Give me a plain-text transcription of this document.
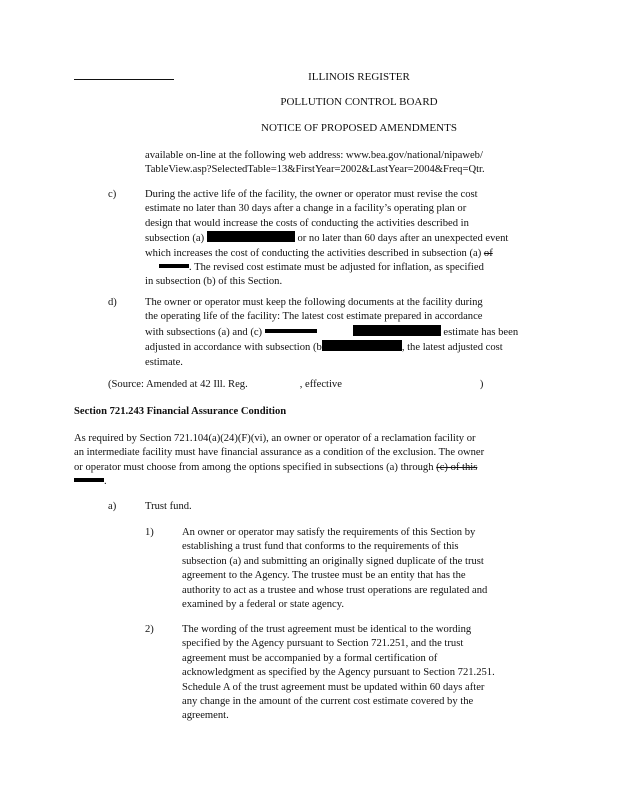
ILLINOIS REGISTER
POLLUTION CONTROL BOARD
NOTICE OF PROPOSED AMENDMENTS
available on-line at the following web address: www.bea.gov/national/nipaweb/
TableView.asp?SelectedTable=13&FirstYear=2002&LastYear=2004&Freq=Qtr.
c)	During the active life of the facility, the owner or operator must revise the cost
estimate no later than 30 days after a change in a facility’s operating plan or
design that would increase the costs of conducting the activities described in
subsection (a)	or no later than 60 days after an unexpected event
which increases the cost of conducting the activities described in subsection (a) of
. The revised cost estimate must be adjusted for inflation, as specified
in subsection (b) of this Section.
d)	The owner or operator must keep the following documents at the facility during
the operating life of the facility: The latest cost estimate prepared in accordance
with subsections (a) and (c)	estimate has been
adjusted in accordance with subsection (b	, the latest adjusted cost
estimate.
(Source: Amended at 42 Ill. Reg.	, effective	)
Section 721.243 Financial Assurance Condition
As required by Section 721.104(a)(24)(F)(vi), an owner or operator of a reclamation facility or
an intermediate facility must have financial assurance as a condition of the exclusion. The owner
or operator must choose from among the options specified in subsections (a) through (c) of this
.
a)	Trust fund.
1)	An owner or operator may satisfy the requirements of this Section by
establishing a trust fund that conforms to the requirements of this
subsection (a) and submitting an originally signed duplicate of the trust
agreement to the Agency. The trustee must be an entity that has the
authority to act as a trustee and whose trust operations are regulated and
examined by a federal or state agency.
2)	The wording of the trust agreement must be identical to the wording
specified by the Agency pursuant to Section 721.251, and the trust
agreement must be accompanied by a formal certification of
acknowledgment as specified by the Agency pursuant to Section 721.251.
Schedule A of the trust agreement must be updated within 60 days after
any change in the amount of the current cost estimate covered by the
agreement.
